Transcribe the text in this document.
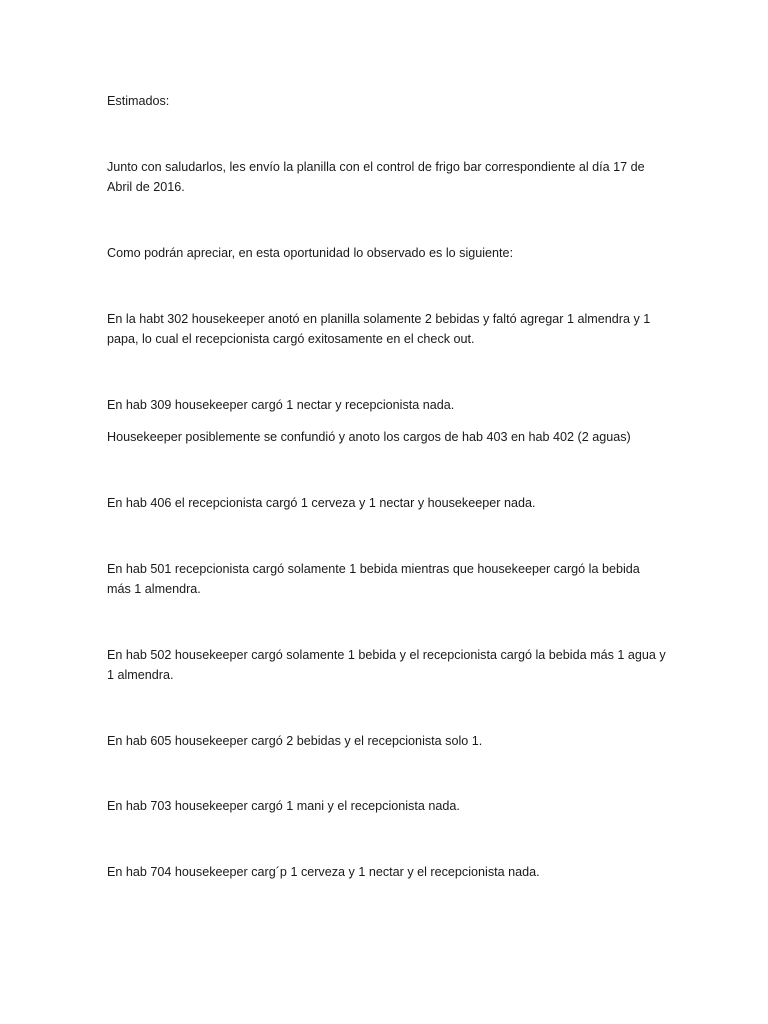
Estimados:

Junto con saludarlos, les envío la planilla con el control de frigo bar correspondiente al día 17 de Abril de 2016.

Como podrán apreciar, en esta oportunidad lo observado es lo siguiente:

En la habt 302 housekeeper anotó en planilla solamente 2 bebidas y faltó agregar 1 almendra y 1 papa, lo cual el recepcionista cargó exitosamente en el check out.

En hab 309 housekeeper cargó 1 nectar y recepcionista nada.

Housekeeper posiblemente se confundió y anoto los cargos de hab 403 en hab 402 (2 aguas)

En hab 406 el recepcionista cargó 1 cerveza y 1 nectar y housekeeper nada.

En hab 501 recepcionista cargó solamente 1 bebida mientras que housekeeper cargó la bebida más 1 almendra.

En hab 502 housekeeper cargó solamente 1 bebida y el recepcionista cargó la bebida más 1 agua y 1 almendra.

En hab 605 housekeeper cargó 2 bebidas y el recepcionista solo 1.

En hab 703 housekeeper cargó 1 mani y el recepcionista nada.

En hab 704 housekeeper carg´p 1 cerveza y 1 nectar y el recepcionista nada.
